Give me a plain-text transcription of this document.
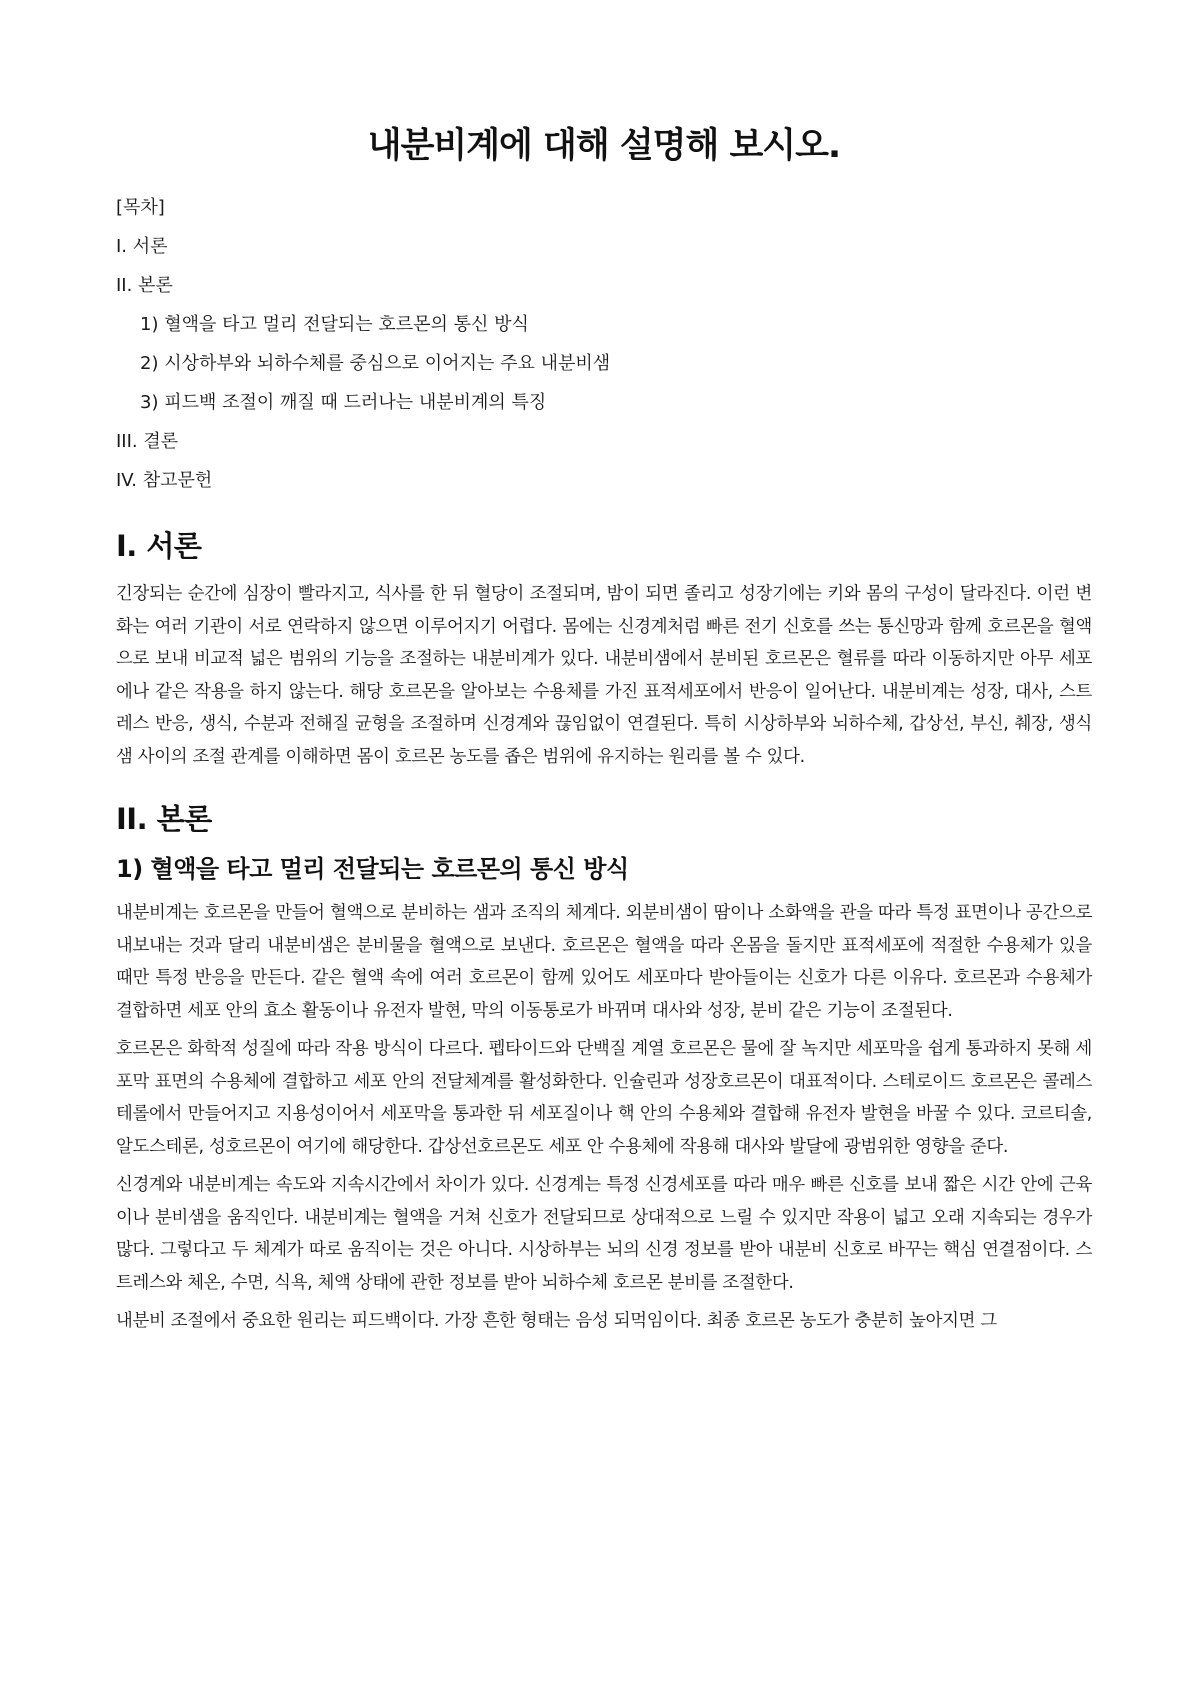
내분비계에 대해 설명해 보시오.
[목차]
I. 서론
II. 본론
1) 혈액을 타고 멀리 전달되는 호르몬의 통신 방식
2) 시상하부와 뇌하수체를 중심으로 이어지는 주요 내분비샘
3) 피드백 조절이 깨질 때 드러나는 내분비계의 특징
III. 결론
IV. 참고문헌
I. 서론

긴장되는 순간에 심장이 빨라지고, 식사를 한 뒤 혈당이 조절되며, 밤이 되면 졸리고 성장기에는 키와 몸의 구성이 달라진다. 이런 변화는 여러 기관이 서로 연락하지 않으면 이루어지기 어렵다. 몸에는 신경계처럼 빠른 전기 신호를 쓰는 통신망과 함께 호르몬을 혈액으로 보내 비교적 넓은 범위의 기능을 조절하는 내분비계가 있다. 내분비샘에서 분비된 호르몬은 혈류를 따라 이동하지만 아무 세포에나 같은 작용을 하지 않는다. 해당 호르몬을 알아보는 수용체를 가진 표적세포에서 반응이 일어난다. 내분비계는 성장, 대사, 스트레스 반응, 생식, 수분과 전해질 균형을 조절하며 신경계와 끊임없이 연결된다. 특히 시상하부와 뇌하수체, 갑상선, 부신, 췌장, 생식샘 사이의 조절 관계를 이해하면 몸이 호르몬 농도를 좁은 범위에 유지하는 원리를 볼 수 있다.

II. 본론
1) 혈액을 타고 멀리 전달되는 호르몬의 통신 방식

내분비계는 호르몬을 만들어 혈액으로 분비하는 샘과 조직의 체계다. 외분비샘이 땀이나 소화액을 관을 따라 특정 표면이나 공간으로 내보내는 것과 달리 내분비샘은 분비물을 혈액으로 보낸다. 호르몬은 혈액을 따라 온몸을 돌지만 표적세포에 적절한 수용체가 있을 때만 특정 반응을 만든다. 같은 혈액 속에 여러 호르몬이 함께 있어도 세포마다 받아들이는 신호가 다른 이유다. 호르몬과 수용체가 결합하면 세포 안의 효소 활동이나 유전자 발현, 막의 이동통로가 바뀌며 대사와 성장, 분비 같은 기능이 조절된다.

호르몬은 화학적 성질에 따라 작용 방식이 다르다. 펩타이드와 단백질 계열 호르몬은 물에 잘 녹지만 세포막을 쉽게 통과하지 못해 세포막 표면의 수용체에 결합하고 세포 안의 전달체계를 활성화한다. 인슐린과 성장호르몬이 대표적이다. 스테로이드 호르몬은 콜레스테롤에서 만들어지고 지용성이어서 세포막을 통과한 뒤 세포질이나 핵 안의 수용체와 결합해 유전자 발현을 바꿀 수 있다. 코르티솔, 알도스테론, 성호르몬이 여기에 해당한다. 갑상선호르몬도 세포 안 수용체에 작용해 대사와 발달에 광범위한 영향을 준다.

신경계와 내분비계는 속도와 지속시간에서 차이가 있다. 신경계는 특정 신경세포를 따라 매우 빠른 신호를 보내 짧은 시간 안에 근육이나 분비샘을 움직인다. 내분비계는 혈액을 거쳐 신호가 전달되므로 상대적으로 느릴 수 있지만 작용이 넓고 오래 지속되는 경우가 많다. 그렇다고 두 체계가 따로 움직이는 것은 아니다. 시상하부는 뇌의 신경 정보를 받아 내분비 신호로 바꾸는 핵심 연결점이다. 스트레스와 체온, 수면, 식욕, 체액 상태에 관한 정보를 받아 뇌하수체 호르몬 분비를 조절한다.

내분비 조절에서 중요한 원리는 피드백이다. 가장 흔한 형태는 음성 되먹임이다. 최종 호르몬 농도가 충분히 높아지면 그
